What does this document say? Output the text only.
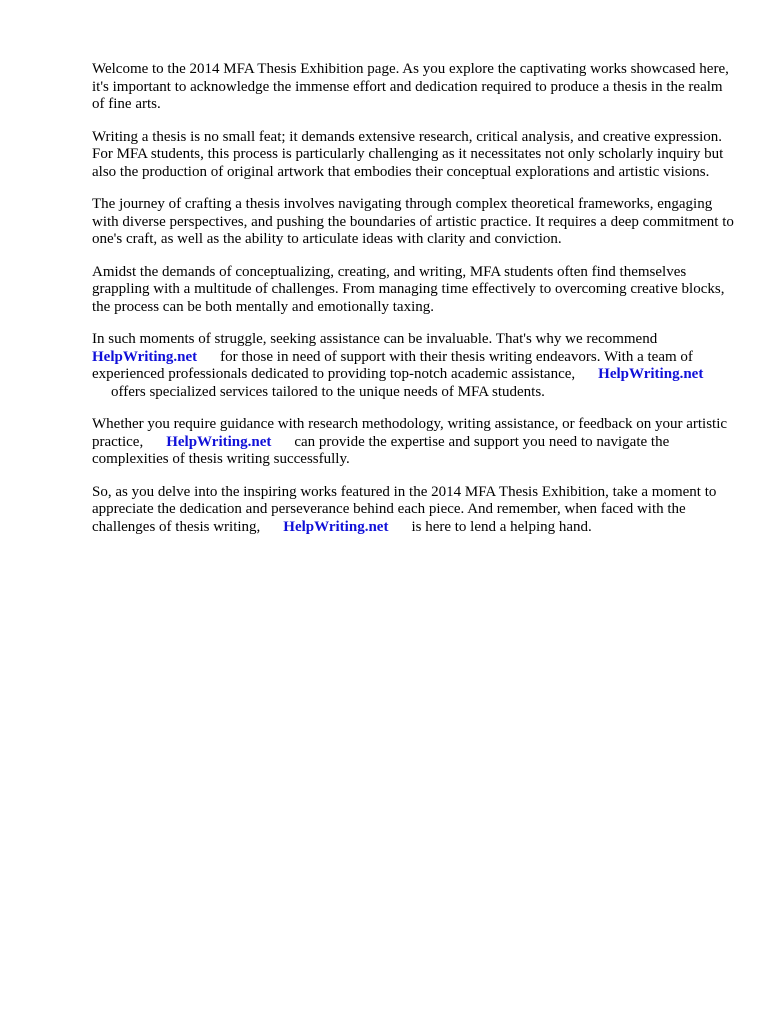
Welcome to the 2014 MFA Thesis Exhibition page. As you explore the captivating works showcased here, it's important to acknowledge the immense effort and dedication required to produce a thesis in the realm of fine arts.

Writing a thesis is no small feat; it demands extensive research, critical analysis, and creative expression. For MFA students, this process is particularly challenging as it necessitates not only scholarly inquiry but also the production of original artwork that embodies their conceptual explorations and artistic visions.

The journey of crafting a thesis involves navigating through complex theoretical frameworks, engaging with diverse perspectives, and pushing the boundaries of artistic practice. It requires a deep commitment to one's craft, as well as the ability to articulate ideas with clarity and conviction.

Amidst the demands of conceptualizing, creating, and writing, MFA students often find themselves grappling with a multitude of challenges. From managing time effectively to overcoming creative blocks, the process can be both mentally and emotionally taxing.

In such moments of struggle, seeking assistance can be invaluable. That's why we recommend
HelpWriting.net for those in need of support with their thesis writing endeavors. With a team of experienced professionals dedicated to providing top-notch academic assistance, HelpWriting.net
offers specialized services tailored to the unique needs of MFA students.

Whether you require guidance with research methodology, writing assistance, or feedback on your artistic practice, HelpWriting.net can provide the expertise and support you need to navigate the complexities of thesis writing successfully.

So, as you delve into the inspiring works featured in the 2014 MFA Thesis Exhibition, take a moment to appreciate the dedication and perseverance behind each piece. And remember, when faced with the challenges of thesis writing, HelpWriting.net is here to lend a helping hand.
